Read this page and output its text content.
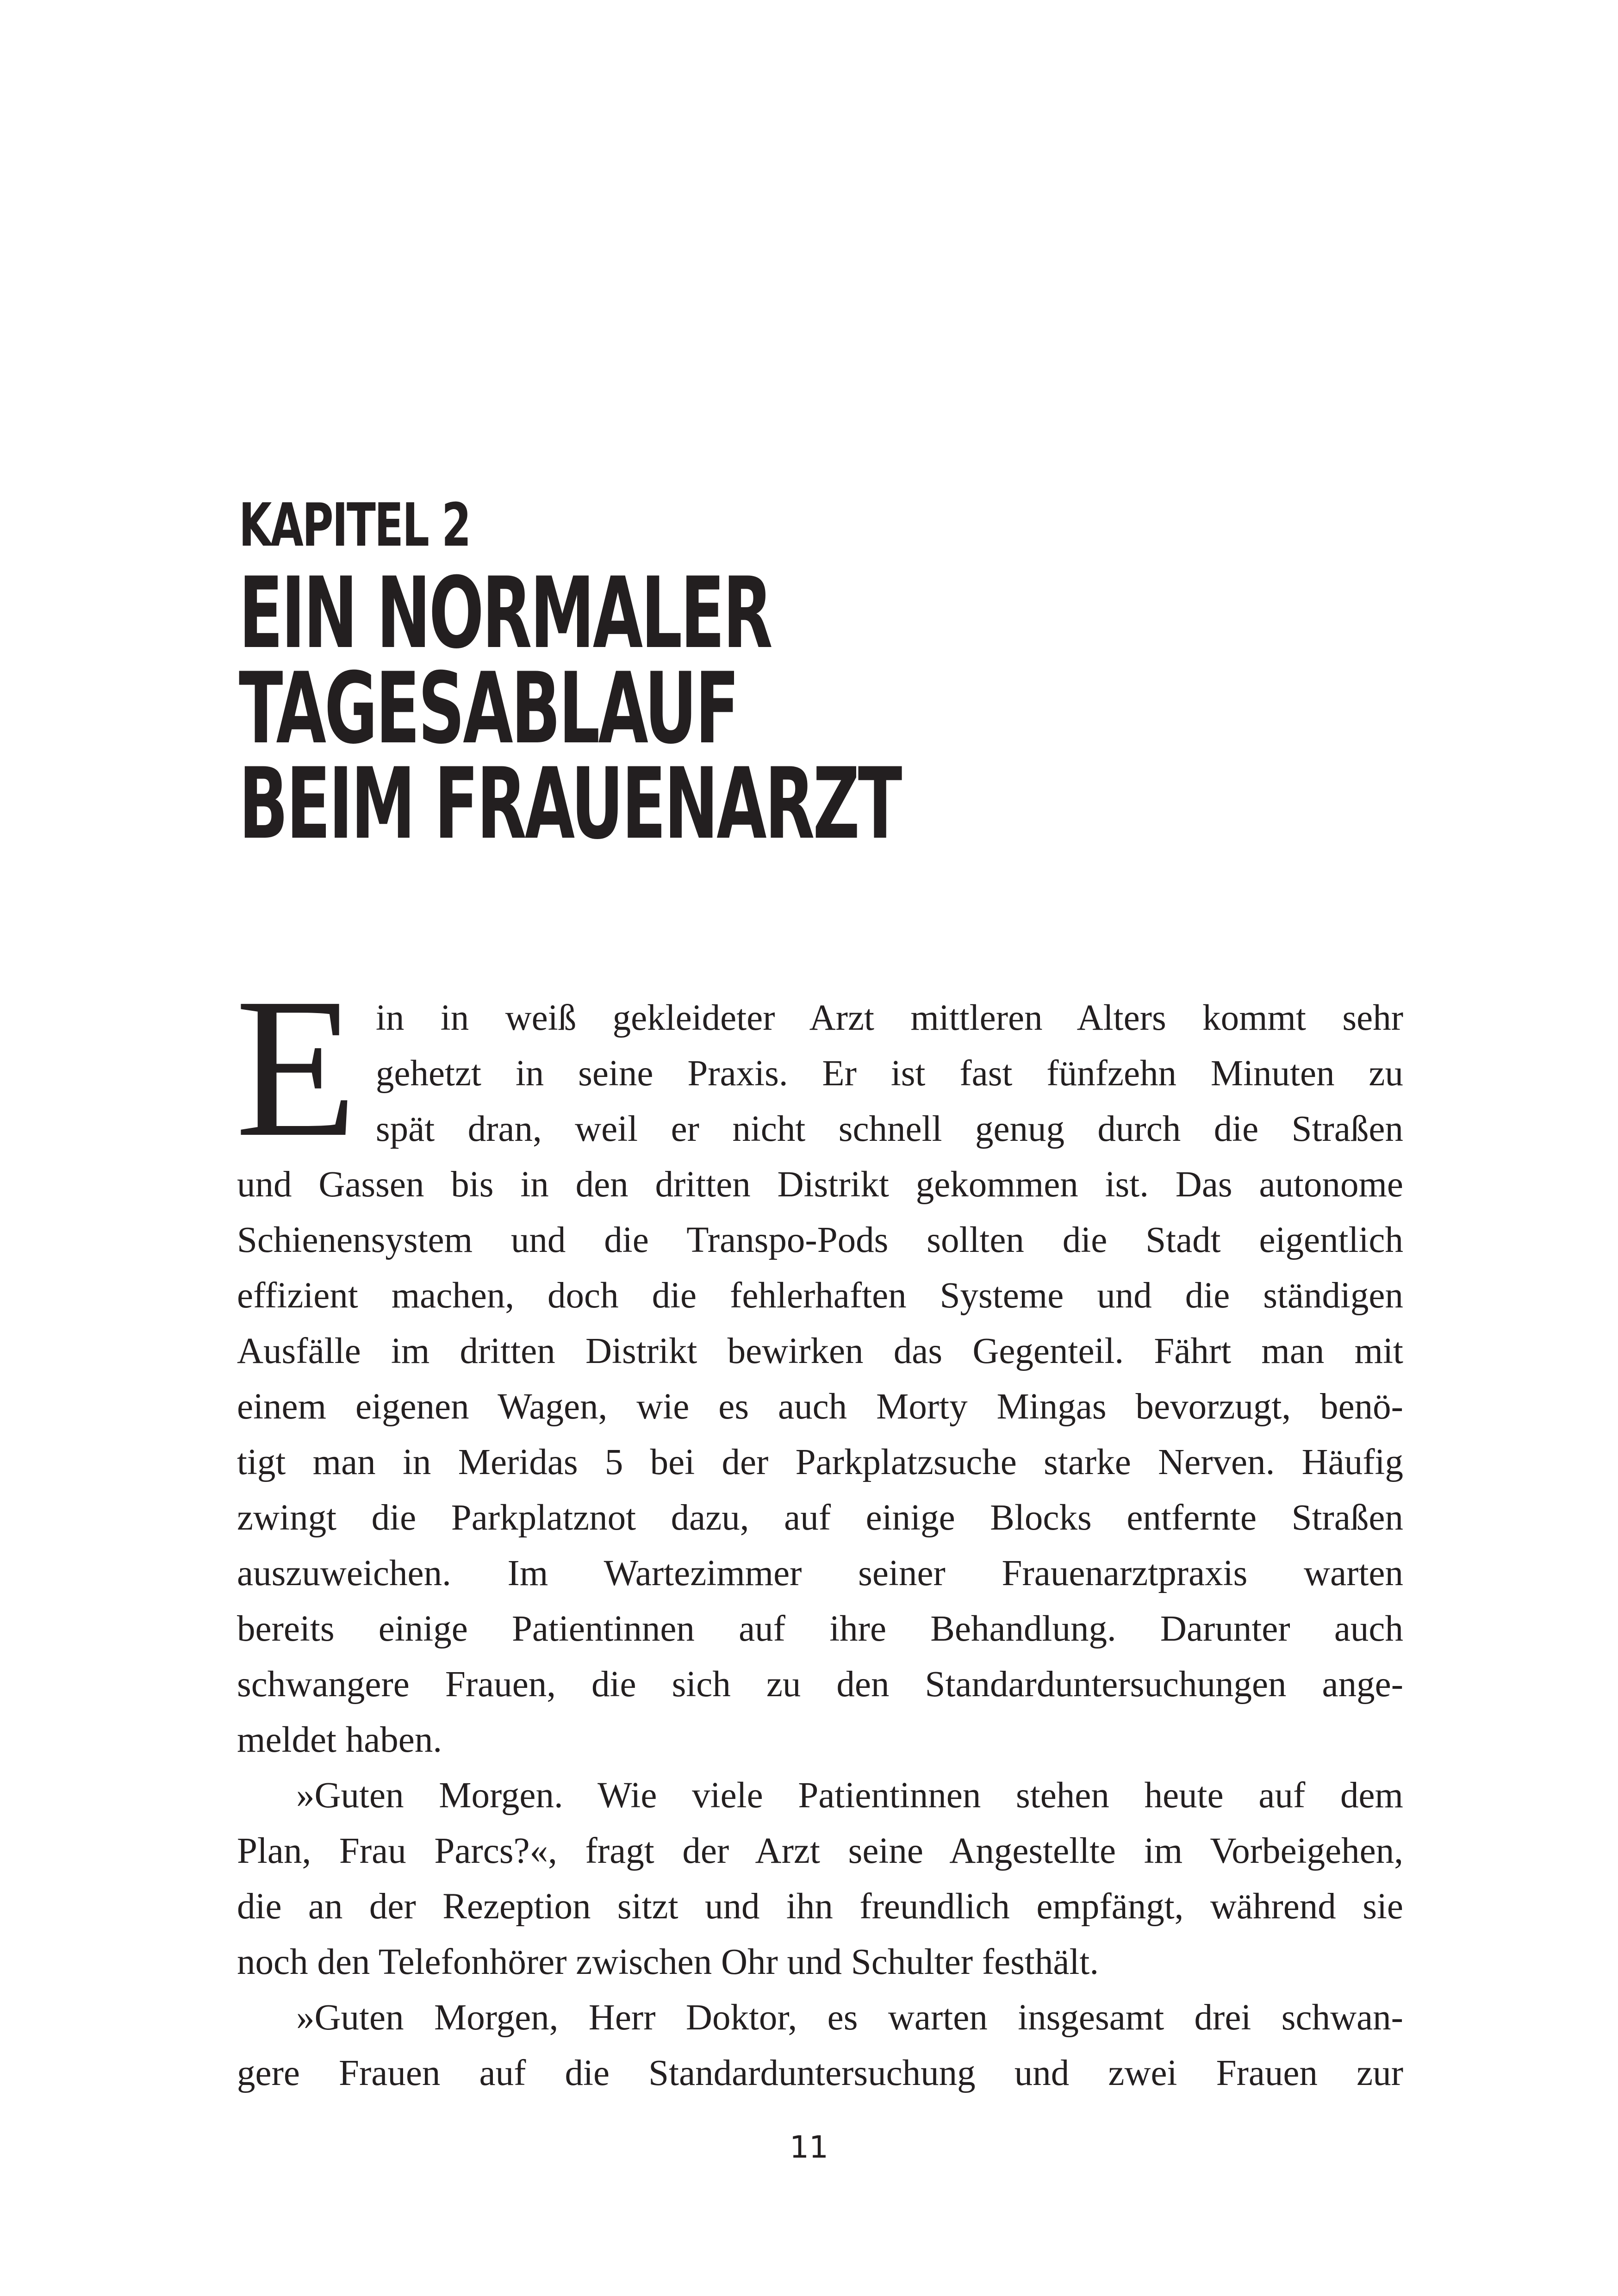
KAPITEL 2
EIN NORMALER
TAGESABLAUF
BEIM FRAUENARZT
E in in weiß gekleideter Arzt mittleren Alters kommt sehr
gehetzt in seine Praxis. Er ist fast fünfzehn Minuten zu
spät dran, weil er nicht schnell genug durch die Straßen
und Gassen bis in den dritten Distrikt gekommen ist. Das autonome
Schienensystem und die Transpo-Pods sollten die Stadt eigentlich
effizient machen, doch die fehlerhaften Systeme und die ständigen
Ausfälle im dritten Distrikt bewirken das Gegenteil. Fährt man mit
einem eigenen Wagen, wie es auch Morty Mingas bevorzugt, benö-
tigt man in Meridas 5 bei der Parkplatzsuche starke Nerven. Häufig
zwingt die Parkplatznot dazu, auf einige Blocks entfernte Straßen
auszuweichen. Im Wartezimmer seiner Frauenarztpraxis warten
bereits einige Patientinnen auf ihre Behandlung. Darunter auch
schwangere Frauen, die sich zu den Standarduntersuchungen ange-
meldet haben.
»Guten Morgen. Wie viele Patientinnen stehen heute auf dem
Plan, Frau Parcs?«, fragt der Arzt seine Angestellte im Vorbeigehen,
die an der Rezeption sitzt und ihn freundlich empfängt, während sie
noch den Telefonhörer zwischen Ohr und Schulter festhält.
»Guten Morgen, Herr Doktor, es warten insgesamt drei schwan-
gere Frauen auf die Standarduntersuchung und zwei Frauen zur
11
